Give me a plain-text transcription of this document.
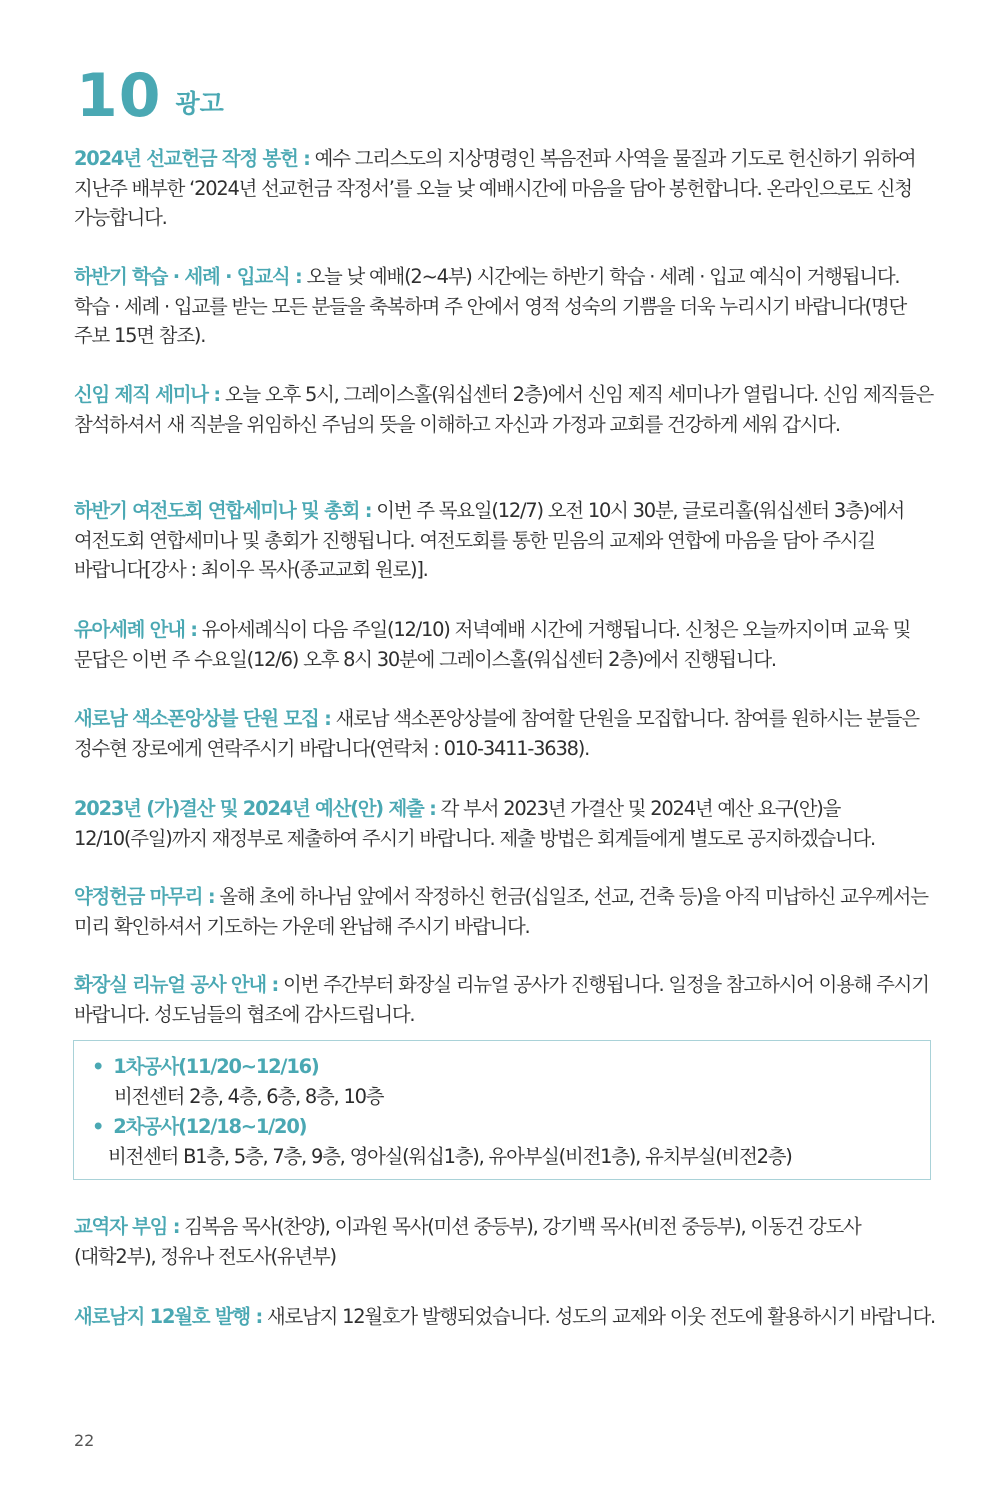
10 광고
2024년 선교헌금 작정 봉헌 : 예수 그리스도의 지상명령인 복음전파 사역을 물질과 기도로 헌신하기 위하여 지난주 배부한 ‘2024년 선교헌금 작정서’를 오늘 낮 예배시간에 마음을 담아 봉헌합니다. 온라인으로도 신청 가능합니다.
하반기 학습 · 세례 · 입교식 : 오늘 낮 예배(2~4부) 시간에는 하반기 학습 · 세례 · 입교 예식이 거행됩니다. 학습 · 세례 · 입교를 받는 모든 분들을 축복하며 주 안에서 영적 성숙의 기쁨을 더욱 누리시기 바랍니다(명단 주보 15면 참조).
신임 제직 세미나 : 오늘 오후 5시, 그레이스홀(워십센터 2층)에서 신임 제직 세미나가 열립니다. 신임 제직들은 참석하셔서 새 직분을 위임하신 주님의 뜻을 이해하고 자신과 가정과 교회를 건강하게 세워 갑시다.
하반기 여전도회 연합세미나 및 총회 : 이번 주 목요일(12/7) 오전 10시 30분, 글로리홀(워십센터 3층)에서 여전도회 연합세미나 및 총회가 진행됩니다. 여전도회를 통한 믿음의 교제와 연합에 마음을 담아 주시길 바랍니다[강사 : 최이우 목사(종교교회 원로)].
유아세례 안내 : 유아세례식이 다음 주일(12/10) 저녁예배 시간에 거행됩니다. 신청은 오늘까지이며 교육 및 문답은 이번 주 수요일(12/6) 오후 8시 30분에 그레이스홀(워십센터 2층)에서 진행됩니다.
새로남 색소폰앙상블 단원 모집 : 새로남 색소폰앙상블에 참여할 단원을 모집합니다. 참여를 원하시는 분들은 정수현 장로에게 연락주시기 바랍니다(연락처 : 010-3411-3638).
2023년 (가)결산 및 2024년 예산(안) 제출 : 각 부서 2023년 가결산 및 2024년 예산 요구(안)을 12/10(주일)까지 재정부로 제출하여 주시기 바랍니다. 제출 방법은 회계들에게 별도로 공지하겠습니다.
약정헌금 마무리 : 올해 초에 하나님 앞에서 작정하신 헌금(십일조, 선교, 건축 등)을 아직 미납하신 교우께서는 미리 확인하셔서 기도하는 가운데 완납해 주시기 바랍니다.
화장실 리뉴얼 공사 안내 : 이번 주간부터 화장실 리뉴얼 공사가 진행됩니다. 일정을 참고하시어 이용해 주시기 바랍니다. 성도님들의 협조에 감사드립니다.
• 1차공사(11/20~12/16)
비전센터 2층, 4층, 6층, 8층, 10층
• 2차공사(12/18~1/20)
비전센터 B1층, 5층, 7층, 9층, 영아실(워십1층), 유아부실(비전1층), 유치부실(비전2층)
교역자 부임 : 김복음 목사(찬양), 이과원 목사(미션 중등부), 강기백 목사(비전 중등부), 이동건 강도사(대학2부), 정유나 전도사(유년부)
새로남지 12월호 발행 : 새로남지 12월호가 발행되었습니다. 성도의 교제와 이웃 전도에 활용하시기 바랍니다.
22
